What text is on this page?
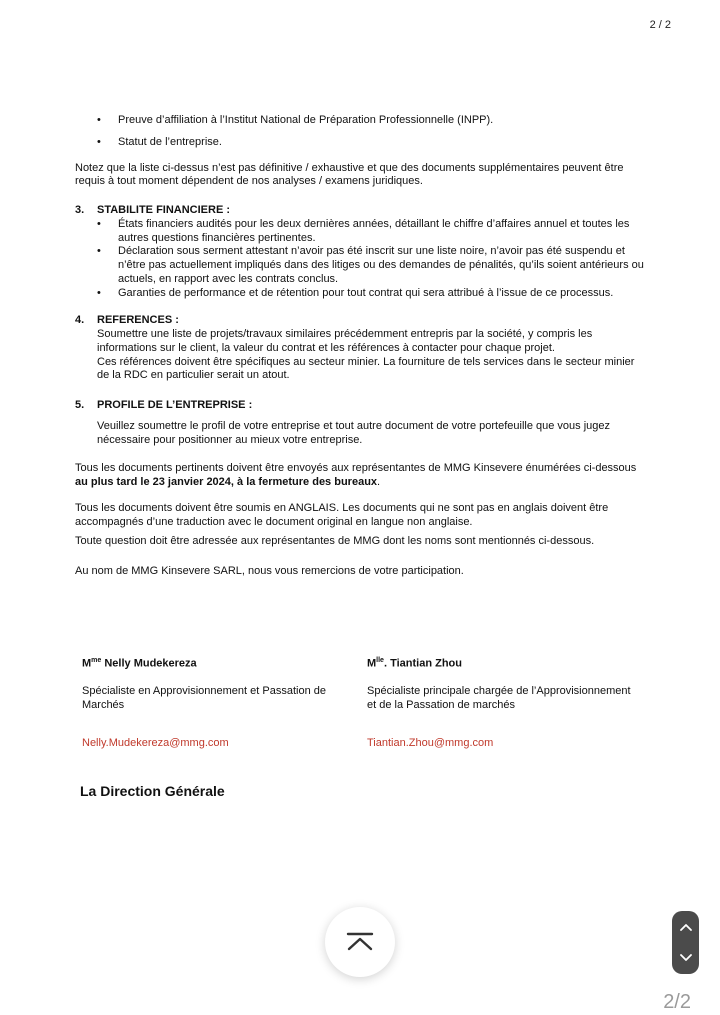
2 / 2
• Preuve d’affiliation à l’Institut National de Préparation Professionnelle (INPP).
• Statut de l’entreprise.

Notez que la liste ci-dessus n’est pas définitive / exhaustive et que des documents supplémentaires peuvent être requis à tout moment dépendent de nos analyses / examens juridiques.

3.	STABILITE FINANCIERE :
• États financiers audités pour les deux dernières années, détaillant le chiffre d’affaires annuel et toutes les autres questions financières pertinentes.
• Déclaration sous serment attestant n’avoir pas été inscrit sur une liste noire, n’avoir pas été suspendu et n’être pas actuellement impliqués dans des litiges ou des demandes de pénalités, qu’ils soient antérieurs ou actuels, en rapport avec les contrats conclus.
• Garanties de performance et de rétention pour tout contrat qui sera attribué à l’issue de ce processus.
4.	REFERENCES :

Soumettre une liste de projets/travaux similaires précédemment entrepris par la société, y compris les informations sur le client, la valeur du contrat et les références à contacter pour chaque projet.

Ces références doivent être spécifiques au secteur minier. La fourniture de tels services dans le secteur minier de la RDC en particulier serait un atout.

5.	PROFILE DE L’ENTREPRISE :

Veuillez soumettre le profil de votre entreprise et tout autre document de votre portefeuille que vous jugez nécessaire pour positionner au mieux votre entreprise.

Tous les documents pertinents doivent être envoyés aux représentantes de MMG Kinsevere énumérées ci-dessous au plus tard le 23 janvier 2024, à la fermeture des bureaux.

Tous les documents doivent être soumis en ANGLAIS. Les documents qui ne sont pas en anglais doivent être accompagnés d’une traduction avec le document original en langue non anglaise.

Toute question doit être adressée aux représentantes de MMG dont les noms sont mentionnés ci-dessous.

Au nom de MMG Kinsevere SARL, nous vous remercions de votre participation.

$M^{me}$ Nelly Mudekereza
Spécialiste en Approvisionnement et Passation de Marchés
Nelly.Mudekereza@mmg.com
$M^{lle}$. Tiantian Zhou
Spécialiste principale chargée de l’Approvisionnement et de la Passation de marchés
Tiantian.Zhou@mmg.com
La Direction Générale
2/2
